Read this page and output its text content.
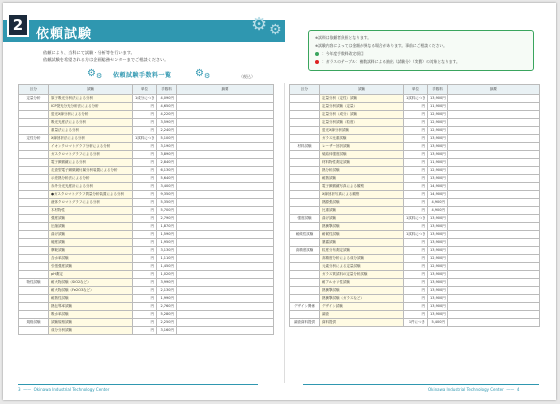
2
依頼試験	⚙ ⚙
依頼により、当科にて試験・分析等を行います。
依頼試験を希望される方は企画総務センターまでご相談ください。
⚙ ⚙ 依頼試験手数料一覧 ⚙ ⚙	（税込）
※試料は依頼者負担となります。
※試験内容によっては金額が異なる場合があります。事前にご相談ください。
：今年度手数料改定項目
：ガラスのテーブル：複数試料による抽出（試験分）（実費）の対象となります。
区分	試験	単位	手数料	摘要
定量分析	原子吸光分析法による分析	1成分につき	4,090円	
	ICP発光分光分析法による分析	円	4,650円	
	蛍光X線分析による分析	円	4,220円	
	吸光光度法による分析	円	3,590円	
	重量法による分析	円	2,240円	
定性分析	X線回折法による分析	1試料につき	5,100円	
	イオンクロマトグラフ分析による分析	円	3,190円	
	ガスクロマトグラフによる分析	円	3,890円	
	電子顕微鏡による分析	円	2,840円	
	走査型電子顕微鏡付属分析装置による分析	円	6,130円	
	示差熱分析法による分析	円	5,640円	
	赤外分光光度計による分析	円	3,400円	
	●ガスクロマトグラフ質量分析装置による分析	円	9,350円	
	液体クロマトグラフによる分析	円	5,350円	
	木材物性	円	5,700円	
	強度試験	円	2,790円	
	圧縮試験	円	1,870円	
	曲げ試験	円	1,590円	
	硬度試験	円	1,950円	
	摩耗試験	円	3,130円	
	含水率試験	円	1,110円	
	引張強度試験	円	1,450円	
	pH測定	円	1,020円	
物性試験	耐火物試験（SiO2など）	円	3,990円	
	耐火物試験（Fe2O3など）	円	2,130円	
	耐熱性試験	円	1,990円	
	熱伝導率試験	円	2,760円	
	吸水率試験	円	5,280円	
規格試験	試験規格試験	円	2,250円	
	成分分析試験	円	3,160円	
区分	試験	単位	手数料	摘要
	定量分析（定性）試験	1試料につき	13,900円	
	定量分析試験（定量）	円	11,900円	
	定量分析（成分）試験	円	12,900円	
	定量分析試験（粒度）	円	12,900円	
	蛍光X線分析試験	円	12,900円	
	ガラス比重試験	円	13,900円	
材料試験	レーザー回折試験	円	13,900円	
	焼結体強度試験	円	13,900円	
	材料物性測定試験	円	11,900円	
	熱分析試験	円	12,900円	
	耐熱試験	円	13,900円	
	電子顕微鏡写真による観察	円	14,900円	
	X線回折写真による観察	円	14,900円	
	熱膨張試験	円	4,900円	
	比重試験	円	4,900円	
強度試験	曲げ試験	1試料につき	13,900円	
	熱衝撃試験	円	13,900円	
耐候性試験	耐候性試験	1試料につき	13,900円	
	暴露試験	円	13,900円	
高精度試験	粒度分布測定試験	円	13,900円	
	高精度分析による成分試験	円	12,900円	
	元素分析による定量試験	円	12,900円	
	ガラス質試料の定量分析試験	円	13,900円	
	耐アルカリ性試験	円	13,900円	
	熱衝撃試験	円	13,900円	
	熱衝撃試験（ガラスなど）	円	13,900円	
デザイン関係	デザイン試験	円	13,900円	
	調査	円	13,900円	
調査資料提供	資料提供	1件につき	5,400円	
3  ——  Okinawa Industrial Technology Center	Okinawa Industrial Technology Center  ——  4
